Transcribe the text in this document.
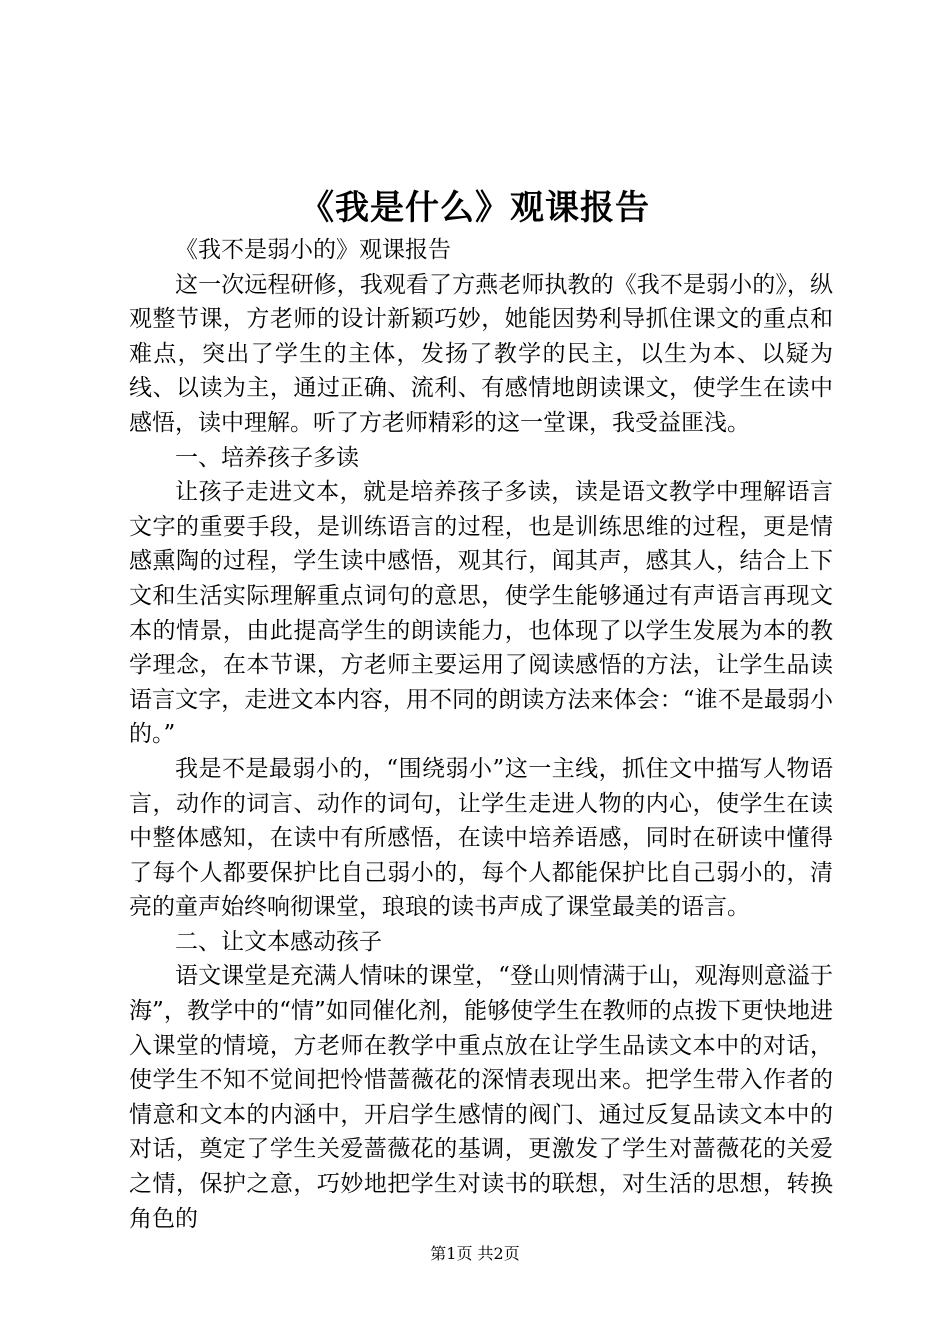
《我是什么》观课报告

《我不是弱小的》观课报告

这一次远程研修，我观看了方燕老师执教的《我不是弱小的》，纵观整节课，方老师的设计新颖巧妙，她能因势利导抓住课文的重点和难点，突出了学生的主体，发扬了教学的民主，以生为本、以疑为线、以读为主，通过正确、流利、有感情地朗读课文，使学生在读中感悟，读中理解。听了方老师精彩的这一堂课，我受益匪浅。

一、培养孩子多读

让孩子走进文本，就是培养孩子多读，读是语文教学中理解语言文字的重要手段，是训练语言的过程，也是训练思维的过程，更是情感熏陶的过程，学生读中感悟，观其行，闻其声，感其人，结合上下文和生活实际理解重点词句的意思，使学生能够通过有声语言再现文本的情景，由此提高学生的朗读能力，也体现了以学生发展为本的教学理念，在本节课，方老师主要运用了阅读感悟的方法，让学生品读语言文字，走进文本内容，用不同的朗读方法来体会：“谁不是最弱小的。”

我是不是最弱小的，“围绕弱小”这一主线，抓住文中描写人物语言，动作的词言、动作的词句，让学生走进人物的内心，使学生在读中整体感知，在读中有所感悟，在读中培养语感，同时在研读中懂得了每个人都要保护比自己弱小的，每个人都能保护比自己弱小的，清亮的童声始终响彻课堂，琅琅的读书声成了课堂最美的语言。

二、让文本感动孩子

语文课堂是充满人情味的课堂，“登山则情满于山，观海则意溢于海”，教学中的“情”如同催化剂，能够使学生在教师的点拨下更快地进入课堂的情境，方老师在教学中重点放在让学生品读文本中的对话，使学生不知不觉间把怜惜蔷薇花的深情表现出来。把学生带入作者的情意和文本的内涵中，开启学生感情的阀门、通过反复品读文本中的对话，奠定了学生关爱蔷薇花的基调，更激发了学生对蔷薇花的关爱之情，保护之意，巧妙地把学生对读书的联想，对生活的思想，转换角色的

第1页 共2页
